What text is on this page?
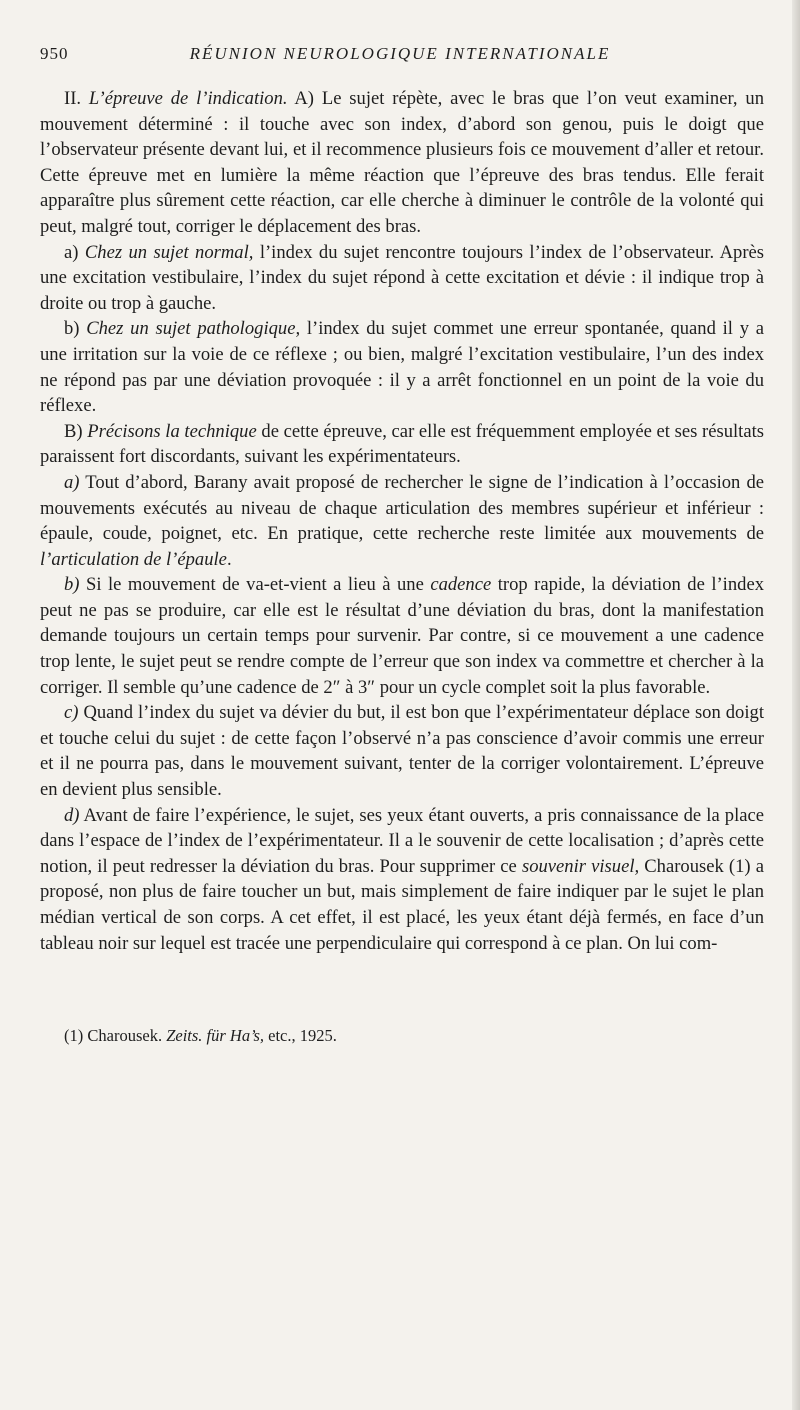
950	RÉUNION NEUROLOGIQUE INTERNATIONALE

II. L’épreuve de l’indication. A) Le sujet répète, avec le bras que l’on veut examiner, un mouvement déterminé : il touche avec son index, d’abord son genou, puis le doigt que l’observateur présente devant lui, et il recommence plusieurs fois ce mouvement d’aller et retour. Cette épreuve met en lumière la même réaction que l’épreuve des bras tendus. Elle ferait apparaître plus sûrement cette réaction, car elle cherche à diminuer le contrôle de la volonté qui peut, malgré tout, corriger le déplacement des bras.

a) Chez un sujet normal, l’index du sujet rencontre toujours l’index de l’observateur. Après une excitation vestibulaire, l’index du sujet répond à cette excitation et dévie : il indique trop à droite ou trop à gauche.

b) Chez un sujet pathologique, l’index du sujet commet une erreur spontanée, quand il y a une irritation sur la voie de ce réflexe ; ou bien, malgré l’excitation vestibulaire, l’un des index ne répond pas par une déviation provoquée : il y a arrêt fonctionnel en un point de la voie du réflexe.

B) Précisons la technique de cette épreuve, car elle est fréquemment employée et ses résultats paraissent fort discordants, suivant les expérimentateurs.

a) Tout d’abord, Barany avait proposé de rechercher le signe de l’indication à l’occasion de mouvements exécutés au niveau de chaque articulation des membres supérieur et inférieur : épaule, coude, poignet, etc. En pratique, cette recherche reste limitée aux mouvements de l’articulation de l’épaule.

b) Si le mouvement de va-et-vient a lieu à une cadence trop rapide, la déviation de l’index peut ne pas se produire, car elle est le résultat d’une déviation du bras, dont la manifestation demande toujours un certain temps pour survenir. Par contre, si ce mouvement a une cadence trop lente, le sujet peut se rendre compte de l’erreur que son index va commettre et chercher à la corriger. Il semble qu’une cadence de 2″ à 3″ pour un cycle complet soit la plus favorable.

c) Quand l’index du sujet va dévier du but, il est bon que l’expérimentateur déplace son doigt et touche celui du sujet : de cette façon l’observé n’a pas conscience d’avoir commis une erreur et il ne pourra pas, dans le mouvement suivant, tenter de la corriger volontairement. L’épreuve en devient plus sensible.

d) Avant de faire l’expérience, le sujet, ses yeux étant ouverts, a pris connaissance de la place dans l’espace de l’index de l’expérimentateur. Il a le souvenir de cette localisation ; d’après cette notion, il peut redresser la déviation du bras. Pour supprimer ce souvenir visuel, Charousek (1) a proposé, non plus de faire toucher un but, mais simplement de faire indiquer par le sujet le plan médian vertical de son corps. A cet effet, il est placé, les yeux étant déjà fermés, en face d’un tableau noir sur lequel est tracée une perpendiculaire qui correspond à ce plan. On lui com-

(1) Charousek. Zeits. für Ha’s, etc., 1925.
